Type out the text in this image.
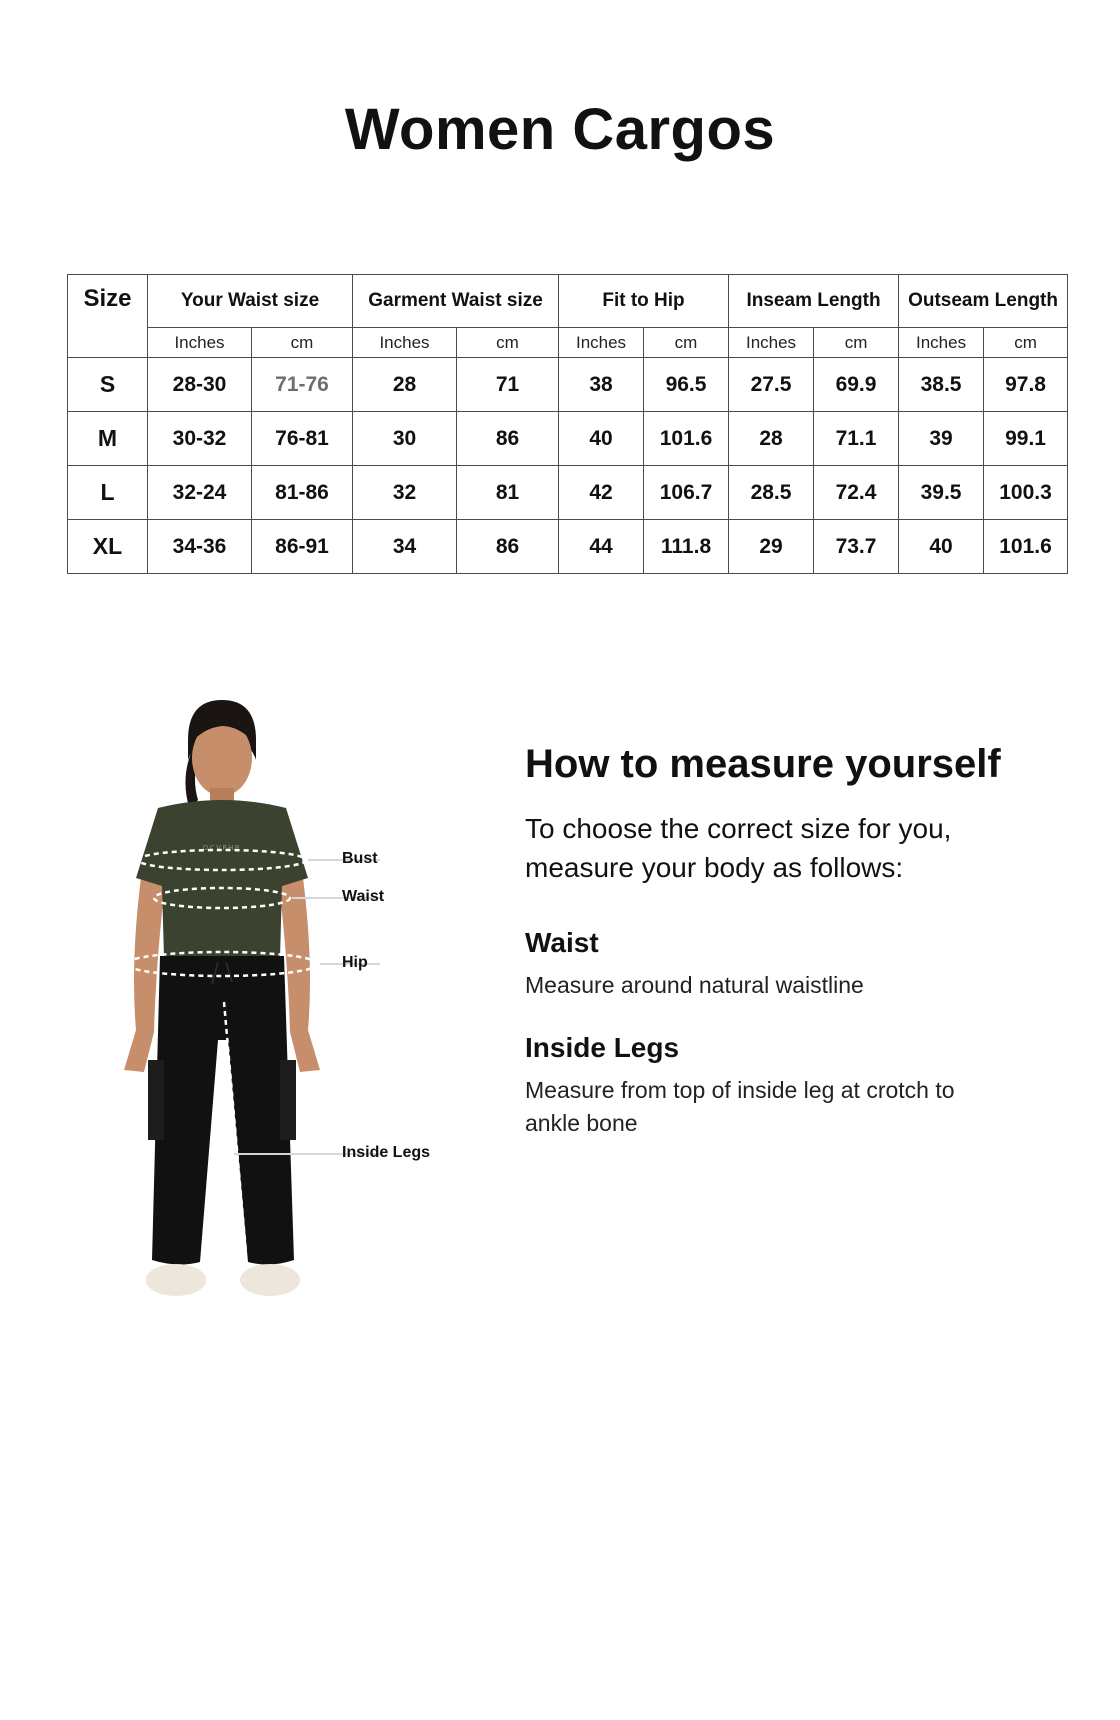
Women Cargos
Size	Your Waist size		Garment Waist size		Fit to Hip		Inseam Length		Outseam Length	
	Inches	cm	Inches	cm	Inches	cm	Inches	cm	Inches	cm
S	28-30	71-76	28	71	38	96.5	27.5	69.9	38.5	97.8
M	30-32	76-81	30	86	40	101.6	28	71.1	39	99.1
L	32-24	81-86	32	81	42	106.7	28.5	72.4	39.5	100.3
XL	34-36	86-91	34	86	44	111.8	29	73.7	40	101.6
OCVPHR
Bust
Waist
Hip
Inside Legs
How to measure yourself

To choose the correct size for you, measure your body as follows:

Waist

Measure around natural waistline

Inside Legs

Measure from top of inside leg at crotch to ankle bone
